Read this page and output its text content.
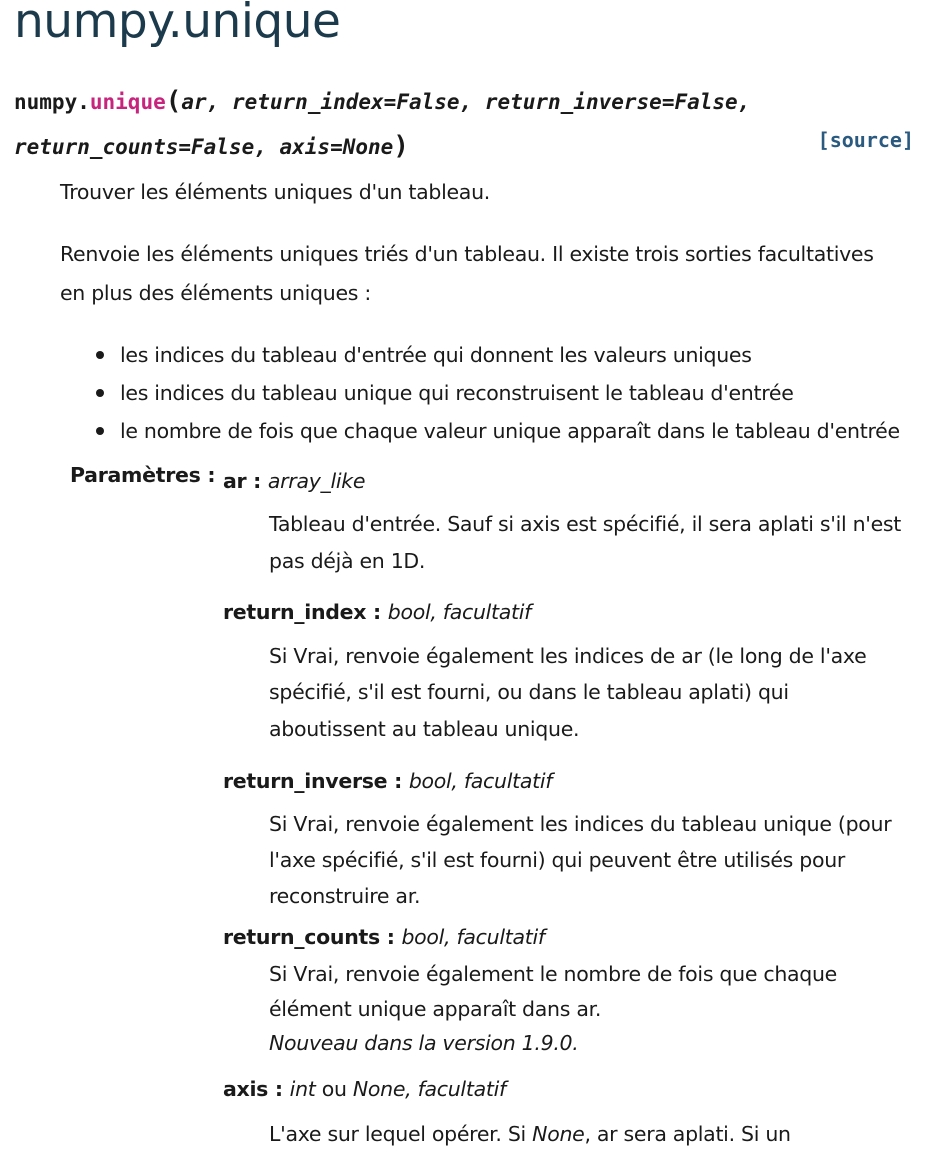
numpy.unique
numpy.unique(ar, return_index=False, return_inverse=False,
return_counts=False, axis=None)	[source]

Trouver les éléments uniques d'un tableau.

Renvoie les éléments uniques triés d'un tableau. Il existe trois sorties facultatives

en plus des éléments uniques :

les indices du tableau d'entrée qui donnent les valeurs uniques
les indices du tableau unique qui reconstruisent le tableau d'entrée
le nombre de fois que chaque valeur unique apparaît dans le tableau d'entrée
Paramètres : ar : array_like

Tableau d'entrée. Sauf si axis est spécifié, il sera aplati s'il n'est

pas déjà en 1D.

return_index : bool, facultatif

Si Vrai, renvoie également les indices de ar (le long de l'axe

spécifié, s'il est fourni, ou dans le tableau aplati) qui

aboutissent au tableau unique.

return_inverse : bool, facultatif

Si Vrai, renvoie également les indices du tableau unique (pour

l'axe spécifié, s'il est fourni) qui peuvent être utilisés pour

reconstruire ar.

return_counts : bool, facultatif

Si Vrai, renvoie également le nombre de fois que chaque

élément unique apparaît dans ar.

Nouveau dans la version 1.9.0.

axis : int ou None, facultatif

L'axe sur lequel opérer. Si None, ar sera aplati. Si un
